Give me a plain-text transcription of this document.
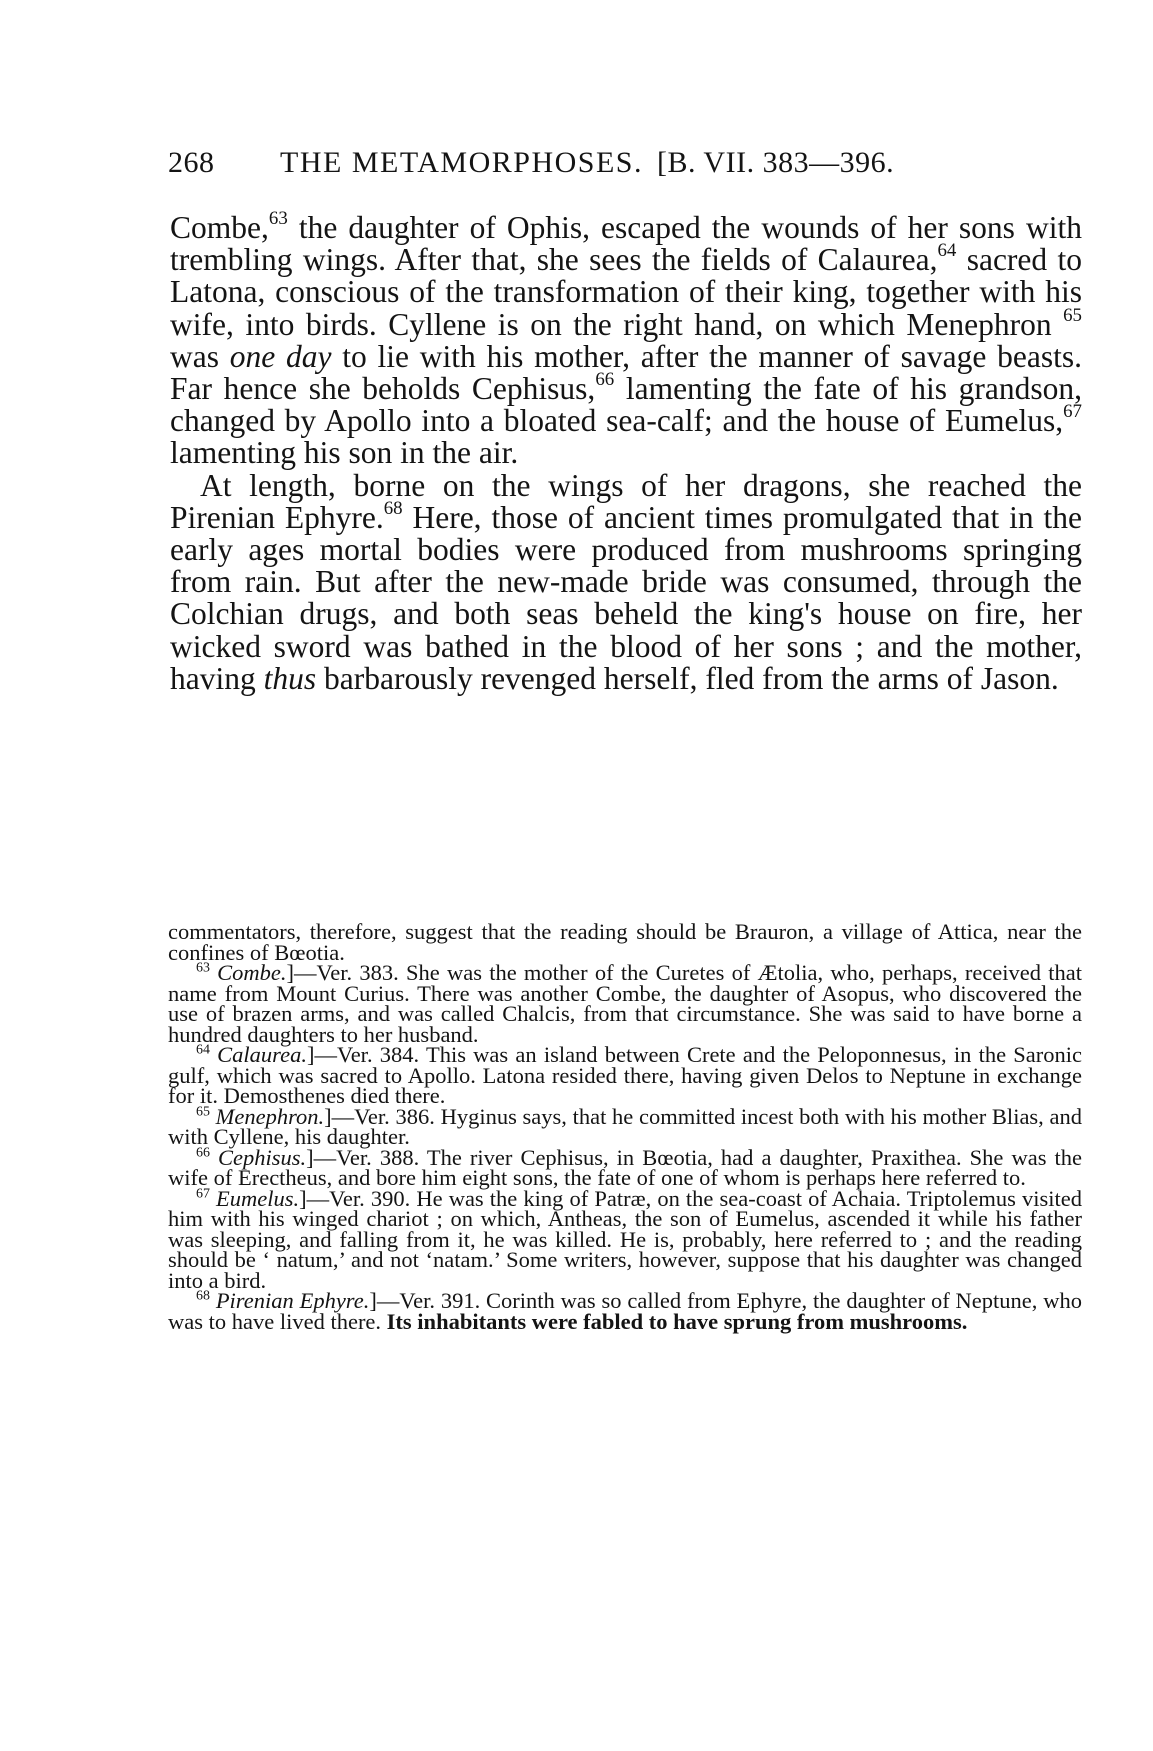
268	THE METAMORPHOSES. [B. VII. 383—396.

Combe,$^{63}$ the daughter of Ophis, escaped the wounds of her sons with trembling wings. After that, she sees the fields of Calaurea,$^{64}$ sacred to Latona, conscious of the transformation of their king, together with his wife, into birds. Cyllene is on the right hand, on which Menephron $^{65}$ was one day to lie with his mother, after the manner of savage beasts. Far hence she beholds Cephisus,$^{66}$ lamenting the fate of his grandson, changed by Apollo into a bloated sea-calf; and the house of Eumelus,$^{67}$ lamenting his son in the air.

At length, borne on the wings of her dragons, she reached the Pirenian Ephyre.$^{68}$ Here, those of ancient times promulgated that in the early ages mortal bodies were produced from mushrooms springing from rain. But after the new-made bride was consumed, through the Colchian drugs, and both seas beheld the king's house on fire, her wicked sword was bathed in the blood of her sons ; and the mother, having thus barbarously revenged herself, fled from the arms of Jason.

commentators, therefore, suggest that the reading should be Brauron, a village of Attica, near the confines of Bœotia.

$^{63}$ Combe.]—Ver. 383. She was the mother of the Curetes of Ætolia, who, perhaps, received that name from Mount Curius. There was another Combe, the daughter of Asopus, who discovered the use of brazen arms, and was called Chalcis, from that circumstance. She was said to have borne a hundred daughters to her husband.

$^{64}$ Calaurea.]—Ver. 384. This was an island between Crete and the Peloponnesus, in the Saronic gulf, which was sacred to Apollo. Latona resided there, having given Delos to Neptune in exchange for it. Demosthenes died there.

$^{65}$ Menephron.]—Ver. 386. Hyginus says, that he committed incest both with his mother Blias, and with Cyllene, his daughter.

$^{66}$ Cephisus.]—Ver. 388. The river Cephisus, in Bœotia, had a daughter, Praxithea. She was the wife of Erectheus, and bore him eight sons, the fate of one of whom is perhaps here referred to.

$^{67}$ Eumelus.]—Ver. 390. He was the king of Patræ, on the sea-coast of Achaia. Triptolemus visited him with his winged chariot ; on which, Antheas, the son of Eumelus, ascended it while his father was sleeping, and falling from it, he was killed. He is, probably, here referred to ; and the reading should be ‘ natum,’ and not ‘natam.’ Some writers, however, suppose that his daughter was changed into a bird.

$^{68}$ Pirenian Ephyre.]—Ver. 391. Corinth was so called from Ephyre, the daughter of Neptune, who was to have lived there. Its inhabitants were fabled to have sprung from mushrooms.
